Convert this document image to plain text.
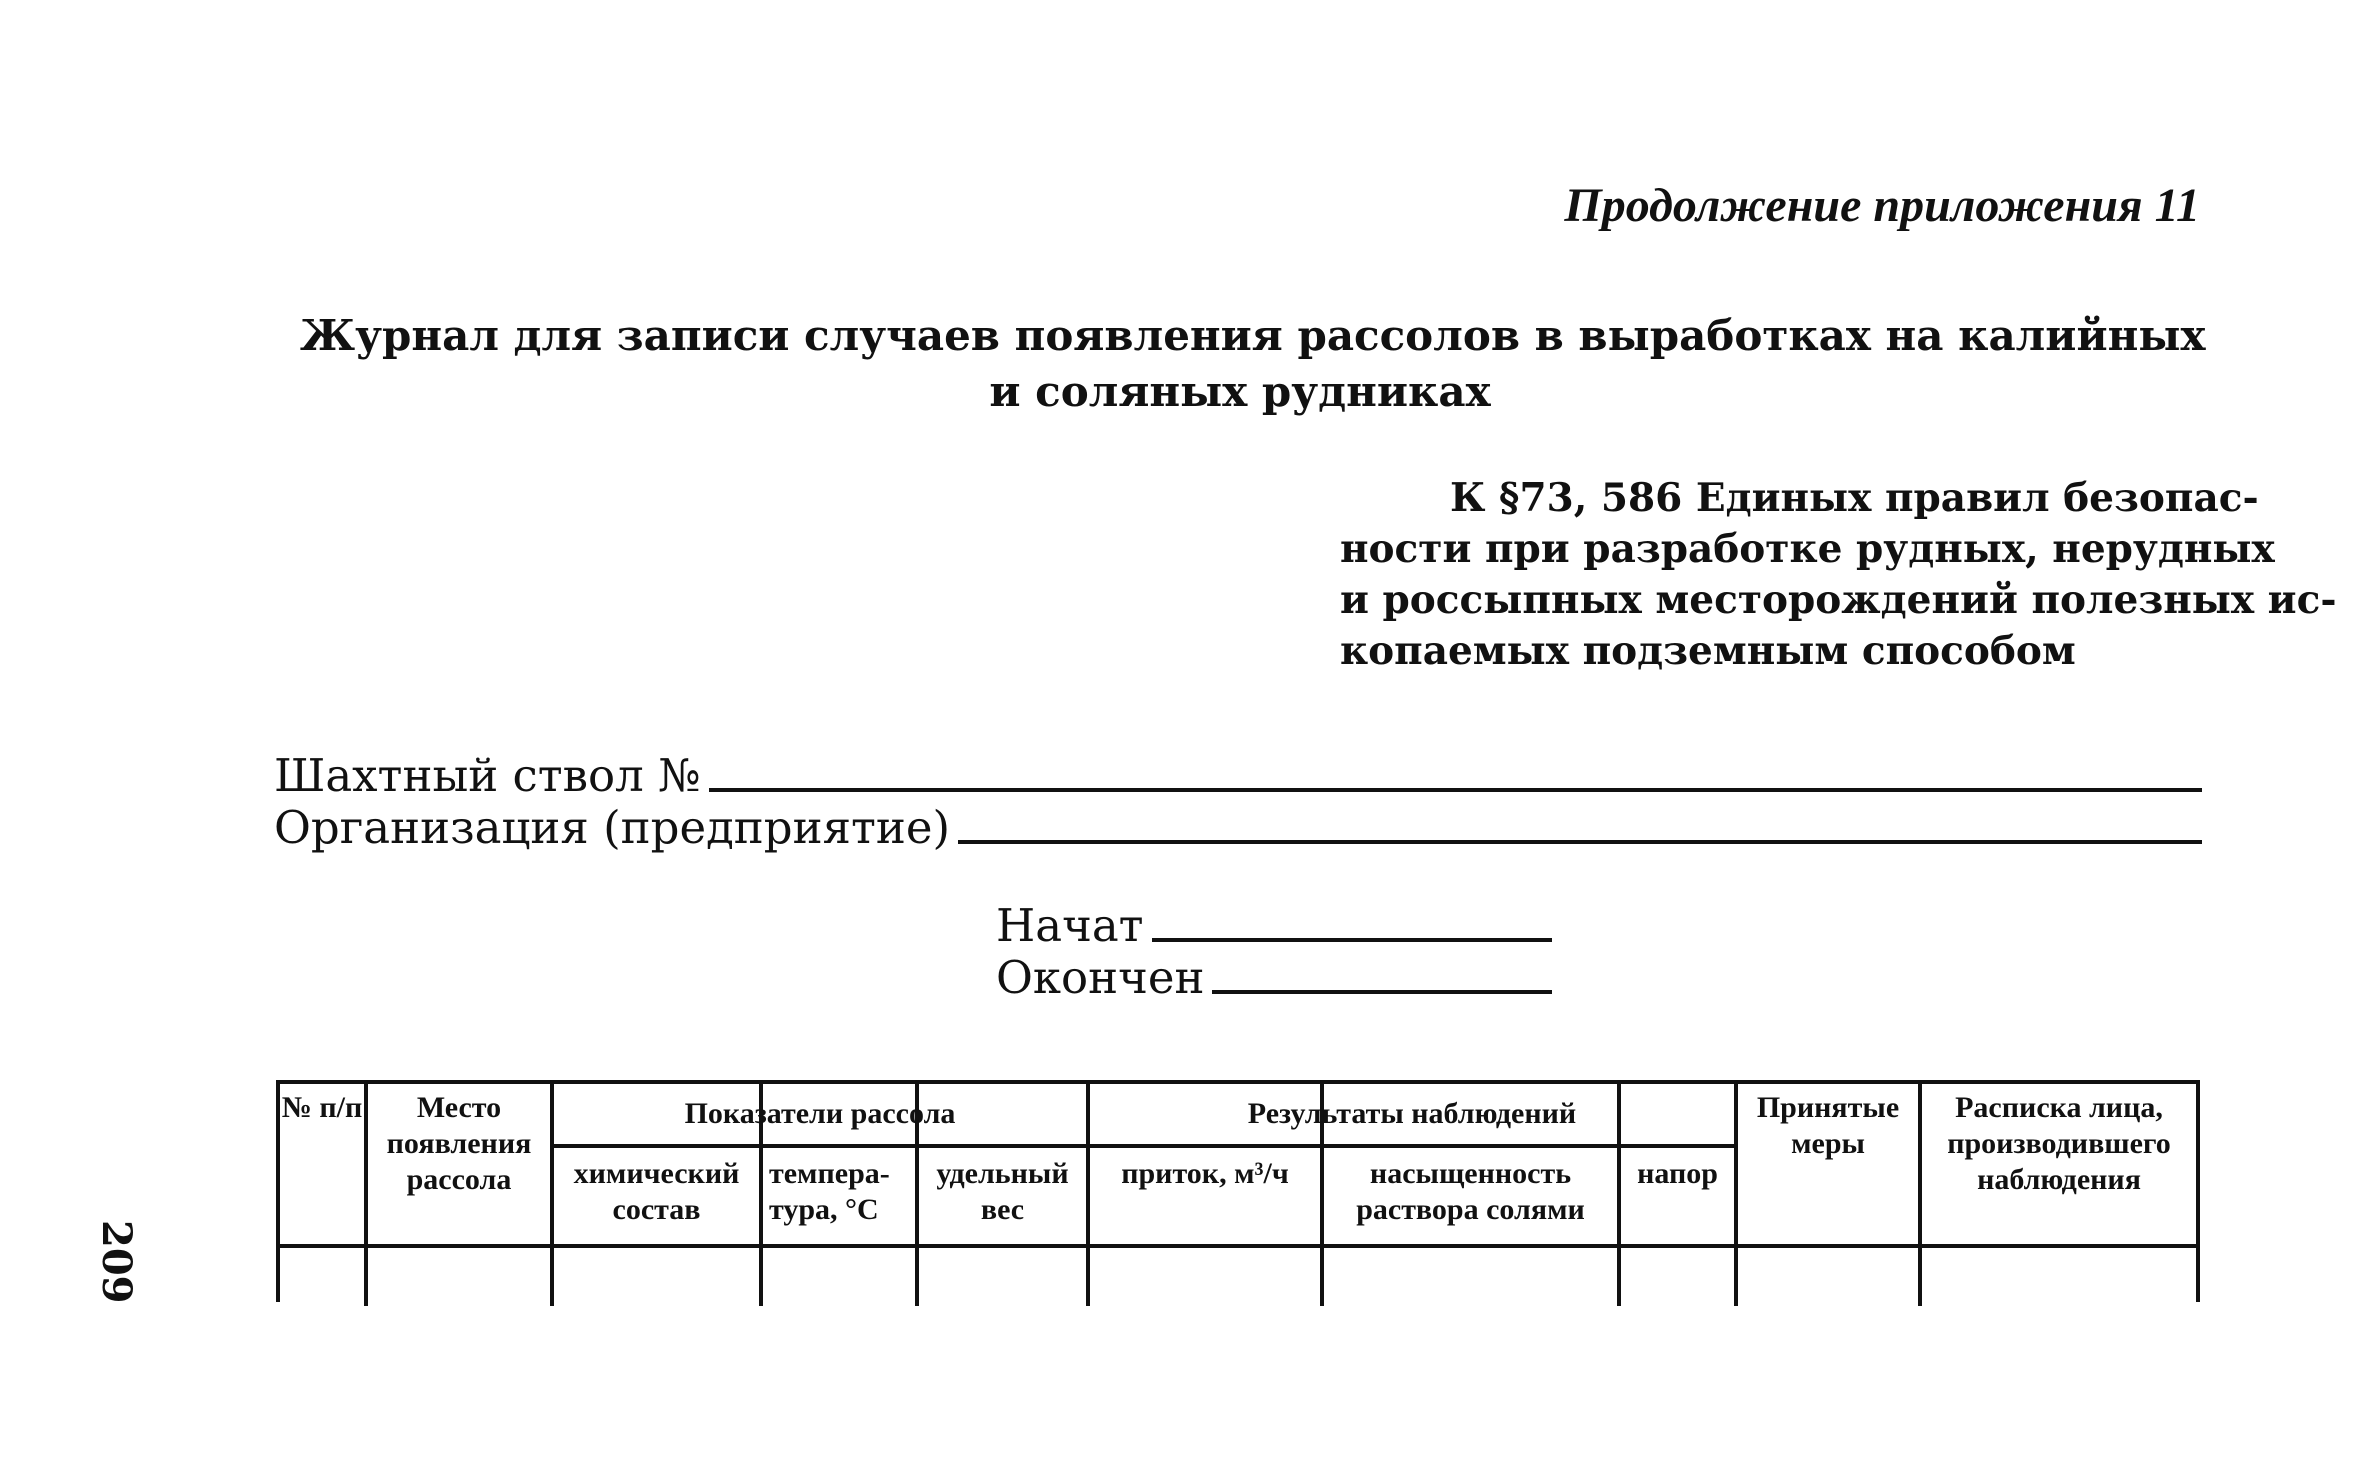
Продолжение приложения 11
Журнал для записи случаев появления рассолов в выработках на калийных
и соляных рудниках
К §73, 586 Единых правил безопас-
ности при разработке рудных, нерудных
и россыпных месторождений полезных ис-
копаемых подземным способом
Шахтный ствол №
Организация (предприятие)
Начат
Окончен
209
№ п/п	Место появления рассола
Показатели рассола
химический состав
темпера-тура, °С
удельный вес
Результаты наблюдений
приток, м³/ч	насыщенность раствора солями
напор
Принятые меры
Расписка лица, производившего наблюдения
